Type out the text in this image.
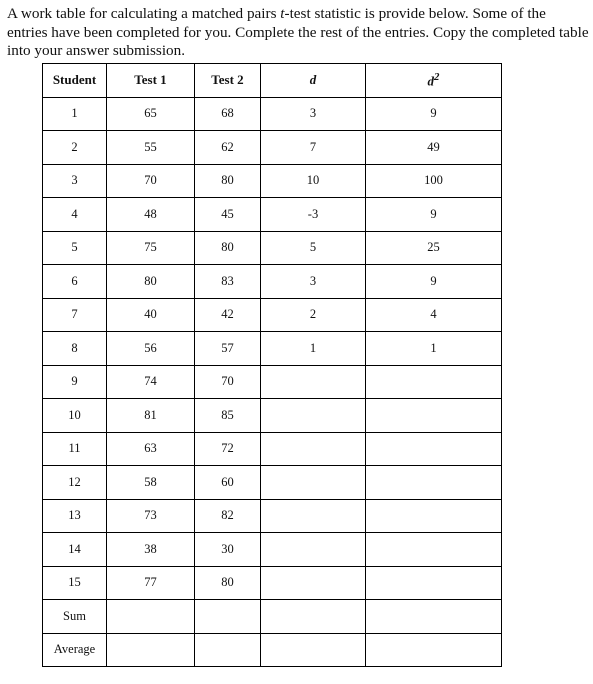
A work table for calculating a matched pairs t-test statistic is provide below. Some of the entries have been completed for you. Complete the rest of the entries. Copy the completed table into your answer submission.

Student	Test 1	Test 2	d	$d^2$
1	65	68	3	9
2	55	62	7	49
3	70	80	10	100
4	48	45	-3	9
5	75	80	5	25
6	80	83	3	9
7	40	42	2	4
8	56	57	1	1
9	74	70		
10	81	85		
11	63	72		
12	58	60		
13	73	82		
14	38	30		
15	77	80		
Sum				
Average				
